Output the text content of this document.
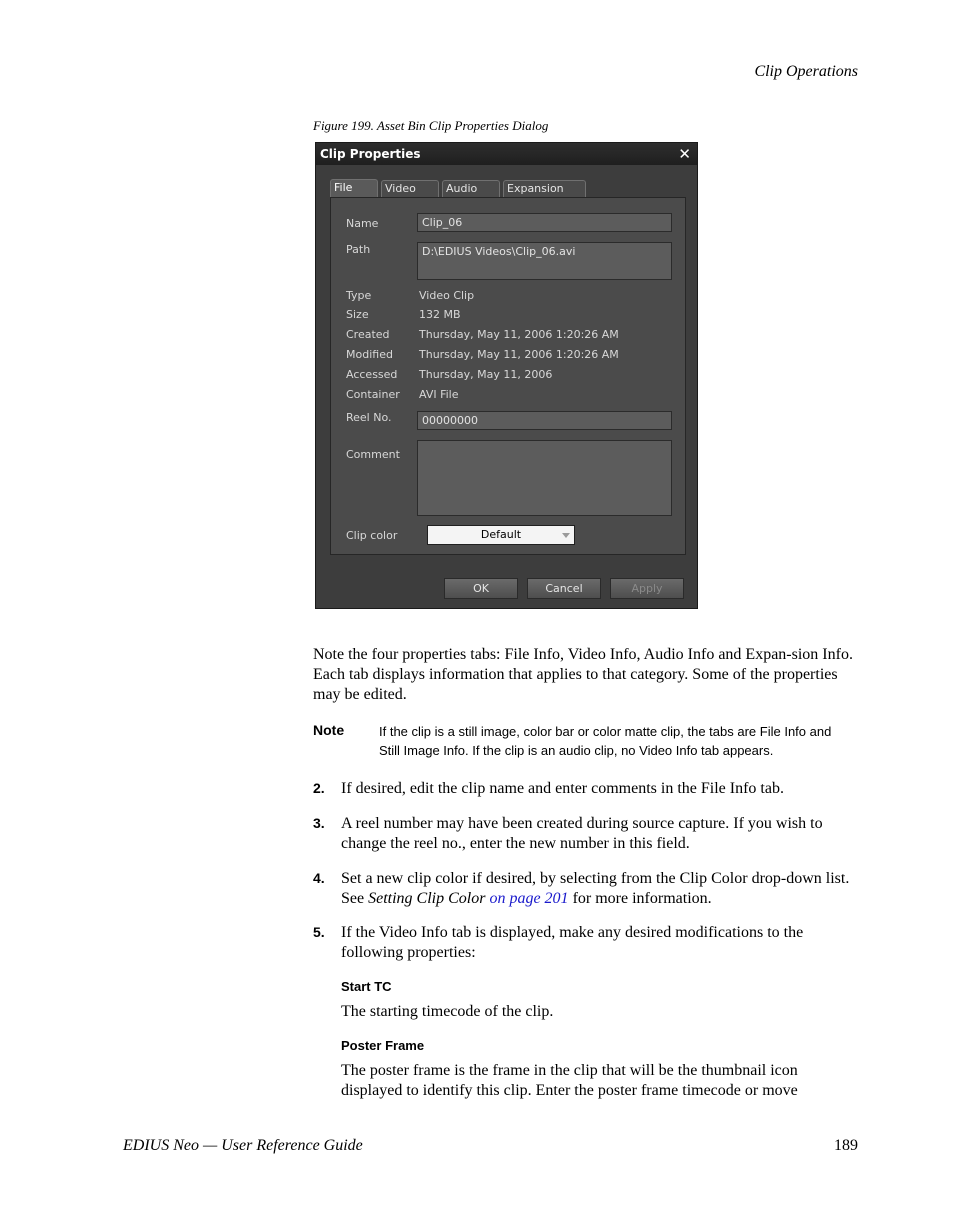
Clip Operations
Figure 199. Asset Bin Clip Properties Dialog
Clip Properties	✕
File	Video	Audio	Expansion
Name	Clip_06
Path	D:\EDIUS Videos\Clip_06.avi
Type	Video Clip
Size	132 MB
Created	Thursday, May 11, 2006 1:20:26 AM
Modified Thursday, May 11, 2006 1:20:26 AM
Accessed Thursday, May 11, 2006
Container AVI File
Reel No.	00000000
Comment
Clip color	Default
OK	Cancel	Apply
Note the four properties tabs: File Info, Video Info, Audio Info and Expan-sion Info. Each tab displays information that applies to that category. Some of the properties may be edited.
Note	If the clip is a still image, color bar or color matte clip, the tabs are File Info and Still Image Info. If the clip is an audio clip, no Video Info tab appears.
2. If desired, edit the clip name and enter comments in the File Info tab.
3. A reel number may have been created during source capture. If you wish to change the reel no., enter the new number in this field.
4. Set a new clip color if desired, by selecting from the Clip Color drop-down list. See Setting Clip Color on page 201 for more information.
5. If the Video Info tab is displayed, make any desired modifications to the following properties:
Start TC
The starting timecode of the clip.
Poster Frame
The poster frame is the frame in the clip that will be the thumbnail icon displayed to identify this clip. Enter the poster frame timecode or move
EDIUS Neo — User Reference Guide	189
